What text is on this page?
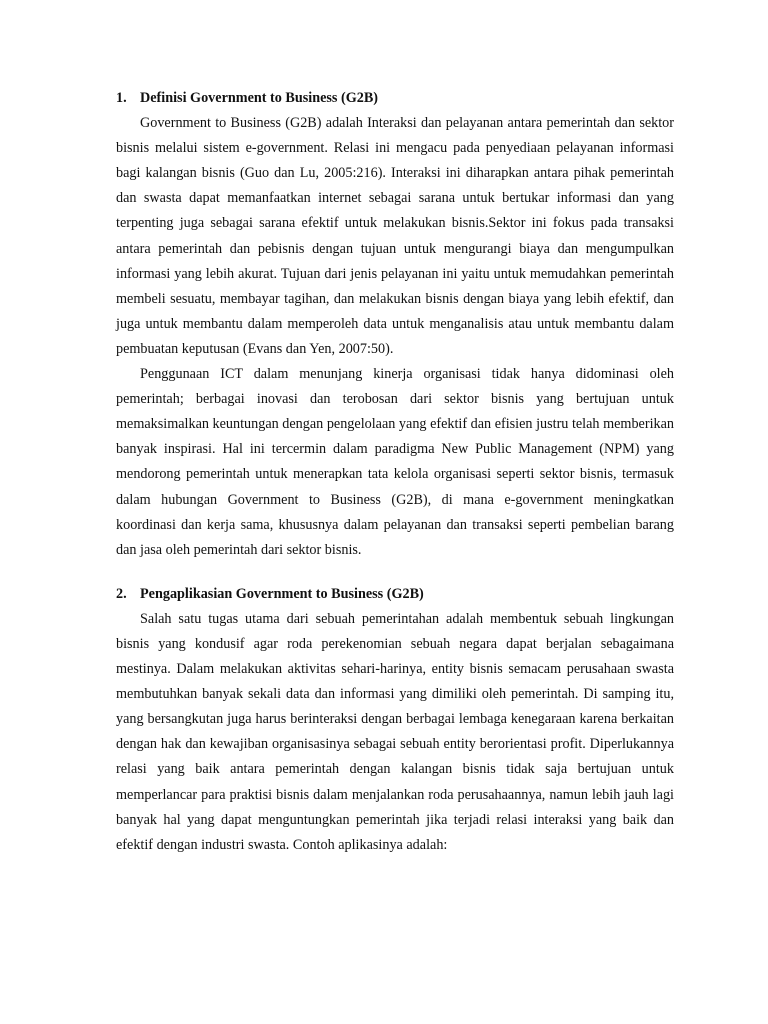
1. Definisi Government to Business (G2B)

Government to Business (G2B) adalah Interaksi dan pelayanan antara pemerintah dan sektor bisnis melalui sistem e-government. Relasi ini mengacu pada penyediaan pelayanan informasi bagi kalangan bisnis (Guo dan Lu, 2005:216). Interaksi ini diharapkan antara pihak pemerintah dan swasta dapat memanfaatkan internet sebagai sarana untuk bertukar informasi dan yang terpenting juga sebagai sarana efektif untuk melakukan bisnis.Sektor ini fokus pada transaksi antara pemerintah dan pebisnis dengan tujuan untuk mengurangi biaya dan mengumpulkan informasi yang lebih akurat. Tujuan dari jenis pelayanan ini yaitu untuk memudahkan pemerintah membeli sesuatu, membayar tagihan, dan melakukan bisnis dengan biaya yang lebih efektif, dan juga untuk membantu dalam memperoleh data untuk menganalisis atau untuk membantu dalam pembuatan keputusan (Evans dan Yen, 2007:50).

Penggunaan ICT dalam menunjang kinerja organisasi tidak hanya didominasi oleh pemerintah; berbagai inovasi dan terobosan dari sektor bisnis yang bertujuan untuk memaksimalkan keuntungan dengan pengelolaan yang efektif dan efisien justru telah memberikan banyak inspirasi. Hal ini tercermin dalam paradigma New Public Management (NPM) yang mendorong pemerintah untuk menerapkan tata kelola organisasi seperti sektor bisnis, termasuk dalam hubungan Government to Business (G2B), di mana e-government meningkatkan koordinasi dan kerja sama, khususnya dalam pelayanan dan transaksi seperti pembelian barang dan jasa oleh pemerintah dari sektor bisnis.

2. Pengaplikasian Government to Business (G2B)

Salah satu tugas utama dari sebuah pemerintahan adalah membentuk sebuah lingkungan bisnis yang kondusif agar roda perekenomian sebuah negara dapat berjalan sebagaimana mestinya. Dalam melakukan aktivitas sehari-harinya, entity bisnis semacam perusahaan swasta membutuhkan banyak sekali data dan informasi yang dimiliki oleh pemerintah. Di samping itu, yang bersangkutan juga harus berinteraksi dengan berbagai lembaga kenegaraan karena berkaitan dengan hak dan kewajiban organisasinya sebagai sebuah entity berorientasi profit. Diperlukannya relasi yang baik antara pemerintah dengan kalangan bisnis tidak saja bertujuan untuk memperlancar para praktisi bisnis dalam menjalankan roda perusahaannya, namun lebih jauh lagi banyak hal yang dapat menguntungkan pemerintah jika terjadi relasi interaksi yang baik dan efektif dengan industri swasta. Contoh aplikasinya adalah:
